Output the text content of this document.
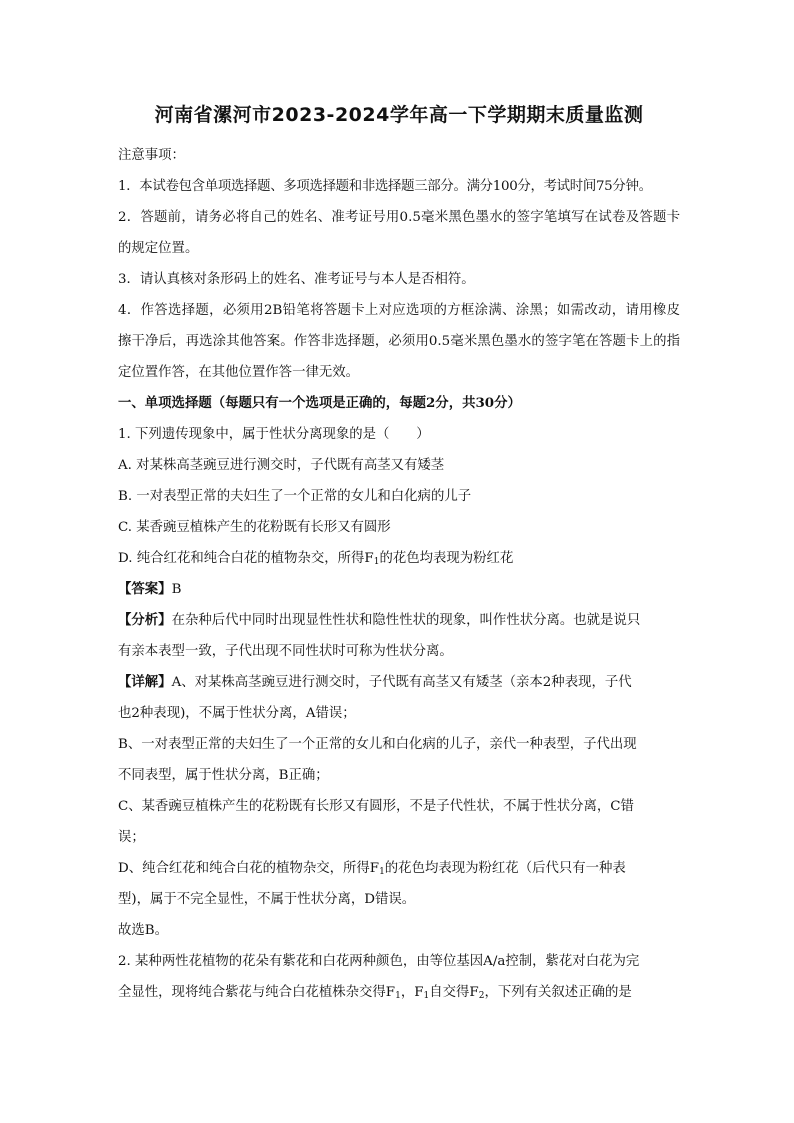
河南省漯河市2023-2024学年高一下学期期末质量监测

注意事项：

1．本试卷包含单项选择题、多项选择题和非选择题三部分。满分100分，考试时间75分钟。

2．答题前，请务必将自己的姓名、准考证号用0.5毫米黑色墨水的签字笔填写在试卷及答题卡的规定位置。

3．请认真核对条形码上的姓名、准考证号与本人是否相符。

4．作答选择题，必须用2B铅笔将答题卡上对应选项的方框涂满、涂黑；如需改动，请用橡皮擦干净后，再选涂其他答案。作答非选择题，必须用0.5毫米黑色墨水的签字笔在答题卡上的指定位置作答，在其他位置作答一律无效。

一、单项选择题（每题只有一个选项是正确的，每题2分，共30分）

1. 下列遗传现象中，属于性状分离现象的是（　　）

A. 对某株高茎豌豆进行测交时，子代既有高茎又有矮茎

B. 一对表型正常的夫妇生了一个正常的女儿和白化病的儿子

C. 某香豌豆植株产生的花粉既有长形又有圆形

D. 纯合红花和纯合白花的植物杂交，所得$F_1$的花色均表现为粉红花

【答案】B

【分析】在杂种后代中同时出现显性性状和隐性性状的现象，叫作性状分离。也就是说只

有亲本表型一致，子代出现不同性状时可称为性状分离。

【详解】A、对某株高茎豌豆进行测交时，子代既有高茎又有矮茎（亲本2种表现，子代

也2种表现)，不属于性状分离，A错误；

B、一对表型正常的夫妇生了一个正常的女儿和白化病的儿子，亲代一种表型，子代出现

不同表型，属于性状分离，B正确；

C、某香豌豆植株产生的花粉既有长形又有圆形，不是子代性状，不属于性状分离，C错

误；

D、纯合红花和纯合白花的植物杂交，所得$F_1$的花色均表现为粉红花（后代只有一种表

型)，属于不完全显性，不属于性状分离，D错误。

故选B。

2. 某种两性花植物的花朵有紫花和白花两种颜色，由等位基因A/a控制，紫花对白花为完

全显性，现将纯合紫花与纯合白花植株杂交得$F_1$，$F_1$自交得$F_2$，下列有关叙述正确的是
